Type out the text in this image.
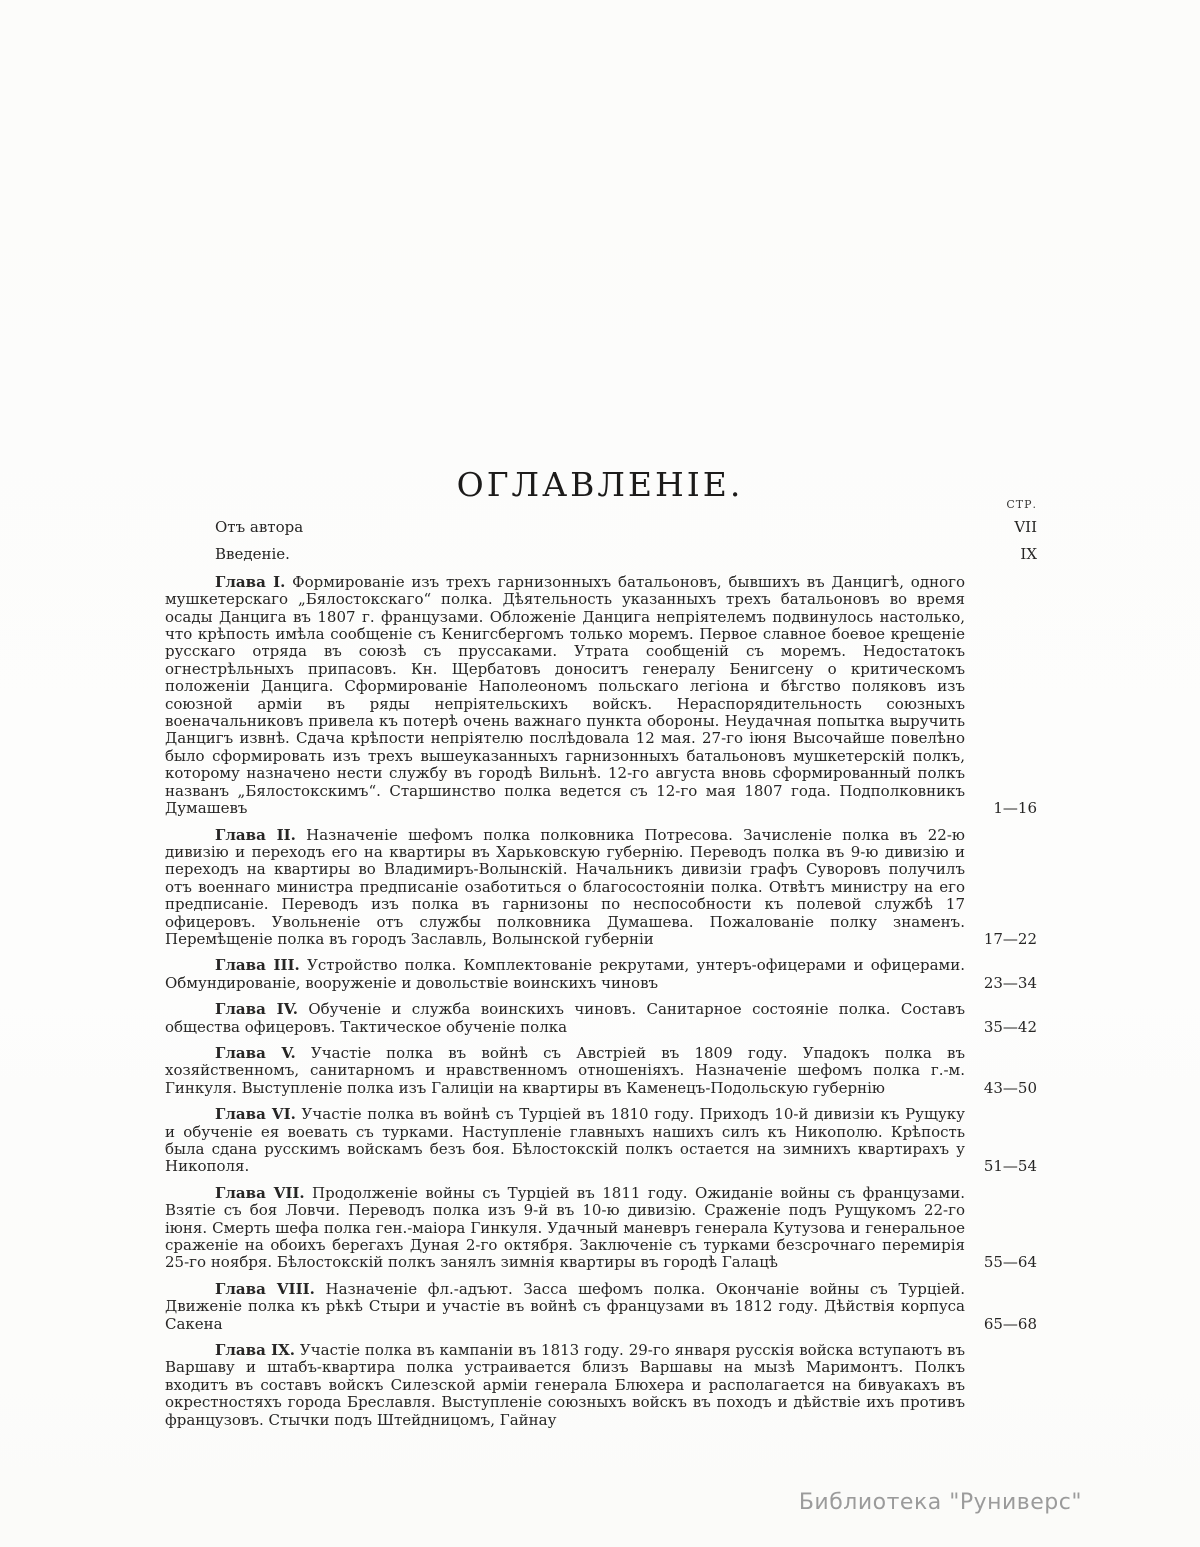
ОГЛАВЛЕНІЕ.
СТР.

Отъ автора	VII

Введеніе.	IX

Глава I. Формированіе изъ трехъ гарнизонныхъ батальоновъ, бывшихъ въ Данцигѣ, одного мушкетерскаго „Бялостокскаго“ полка. Дѣятельность указанныхъ трехъ батальоновъ во время осады Данцига въ 1807 г. французами. Обложеніе Данцига непріятелемъ подвинулось настолько, что крѣпость имѣла сообщеніе съ Кенигсбергомъ только моремъ. Первое славное боевое крещеніе русскаго отряда въ союзѣ съ пруссаками. Утрата сообщеній съ моремъ. Недостатокъ огнестрѣльныхъ припасовъ. Кн. Щербатовъ доноситъ генералу Бенигсену о критическомъ положеніи Данцига. Сформированіе Наполеономъ польскаго легіона и бѣгство поляковъ изъ союзной арміи въ ряды непріятельскихъ войскъ. Нераспорядительность союзныхъ военачальниковъ привела къ потерѣ очень важнаго пункта обороны. Неудачная попытка выручить Данцигъ извнѣ. Сдача крѣпости непріятелю послѣдовала 12 мая. 27-го іюня Высочайше повелѣно было сформировать изъ трехъ вышеуказанныхъ гарнизонныхъ батальоновъ мушкетерскій полкъ, которому назначено нести службу въ городѣ Вильнѣ. 12-го августа вновь сформированный полкъ названъ „Бялостокскимъ“. Старшинство полка ведется съ 12-го мая 1807 года. Подполковникъ Думашевъ	1—16

Глава II. Назначеніе шефомъ полка полковника Потресова. Зачисленіе полка въ 22-ю дивизію и переходъ его на квартиры въ Харьковскую губернію. Переводъ полка въ 9-ю дивизію и переходъ на квартиры во Владимиръ-Волынскій. Начальникъ дивизіи графъ Суворовъ получилъ отъ военнаго министра предписаніе озаботиться о благосостояніи полка. Отвѣтъ министру на его предписаніе. Переводъ изъ полка въ гарнизоны по неспособности къ полевой службѣ 17 офицеровъ. Увольненіе отъ службы полковника Думашева. Пожалованіе полку знаменъ. Перемѣщеніе полка въ городъ Заславль, Волынской губерніи	17—22

Глава III. Устройство полка. Комплектованіе рекрутами, унтеръ-офицерами и офицерами. Обмундированіе, вооруженіе и довольствіе воинскихъ чиновъ	23—34

Глава IV. Обученіе и служба воинскихъ чиновъ. Санитарное состояніе полка. Составъ общества офицеровъ. Тактическое обученіе полка	35—42

Глава V. Участіе полка въ войнѣ съ Австріей въ 1809 году. Упадокъ полка въ хозяйственномъ, санитарномъ и нравственномъ отношеніяхъ. Назначеніе шефомъ полка г.-м. Гинкуля. Выступленіе полка изъ Галиціи на квартиры въ Каменецъ-Подольскую губернію	43—50

Глава VI. Участіе полка въ войнѣ съ Турціей въ 1810 году. Приходъ 10-й дивизіи къ Рущуку и обученіе ея воевать съ турками. Наступленіе главныхъ нашихъ силъ къ Никополю. Крѣпость была сдана русскимъ войскамъ безъ боя. Бѣлостокскій полкъ остается на зимнихъ квартирахъ у Никополя.	51—54

Глава VII. Продолженіе войны съ Турціей въ 1811 году. Ожиданіе войны съ французами. Взятіе съ боя Ловчи. Переводъ полка изъ 9-й въ 10-ю дивизію. Сраженіе подъ Рущукомъ 22-го іюня. Смерть шефа полка ген.-маіора Гинкуля. Удачный маневръ генерала Кутузова и генеральное сраженіе на обоихъ берегахъ Дуная 2-го октября. Заключеніе съ турками безсрочнаго перемирія 25-го ноября. Бѣлостокскій полкъ занялъ зимнія квартиры въ городѣ Галацѣ	55—64

Глава VIII. Назначеніе фл.-адъют. Засса шефомъ полка. Окончаніе войны съ Турціей. Движеніе полка къ рѣкѣ Стыри и участіе въ войнѣ съ французами въ 1812 году. Дѣйствія корпуса Сакена	65—68

Глава IX. Участіе полка въ кампаніи въ 1813 году. 29-го января русскія войска вступаютъ въ Варшаву и штабъ-квартира полка устраивается близъ Варшавы на мызѣ Маримонтъ. Полкъ входитъ въ составъ войскъ Силезской арміи генерала Блюхера и располагается на бивуакахъ въ окрестностяхъ города Бреславля. Выступленіе союзныхъ войскъ въ походъ и дѣйствіе ихъ противъ французовъ. Стычки подъ Штейдницомъ, Гайнау

Библиотека "Руниверс"
